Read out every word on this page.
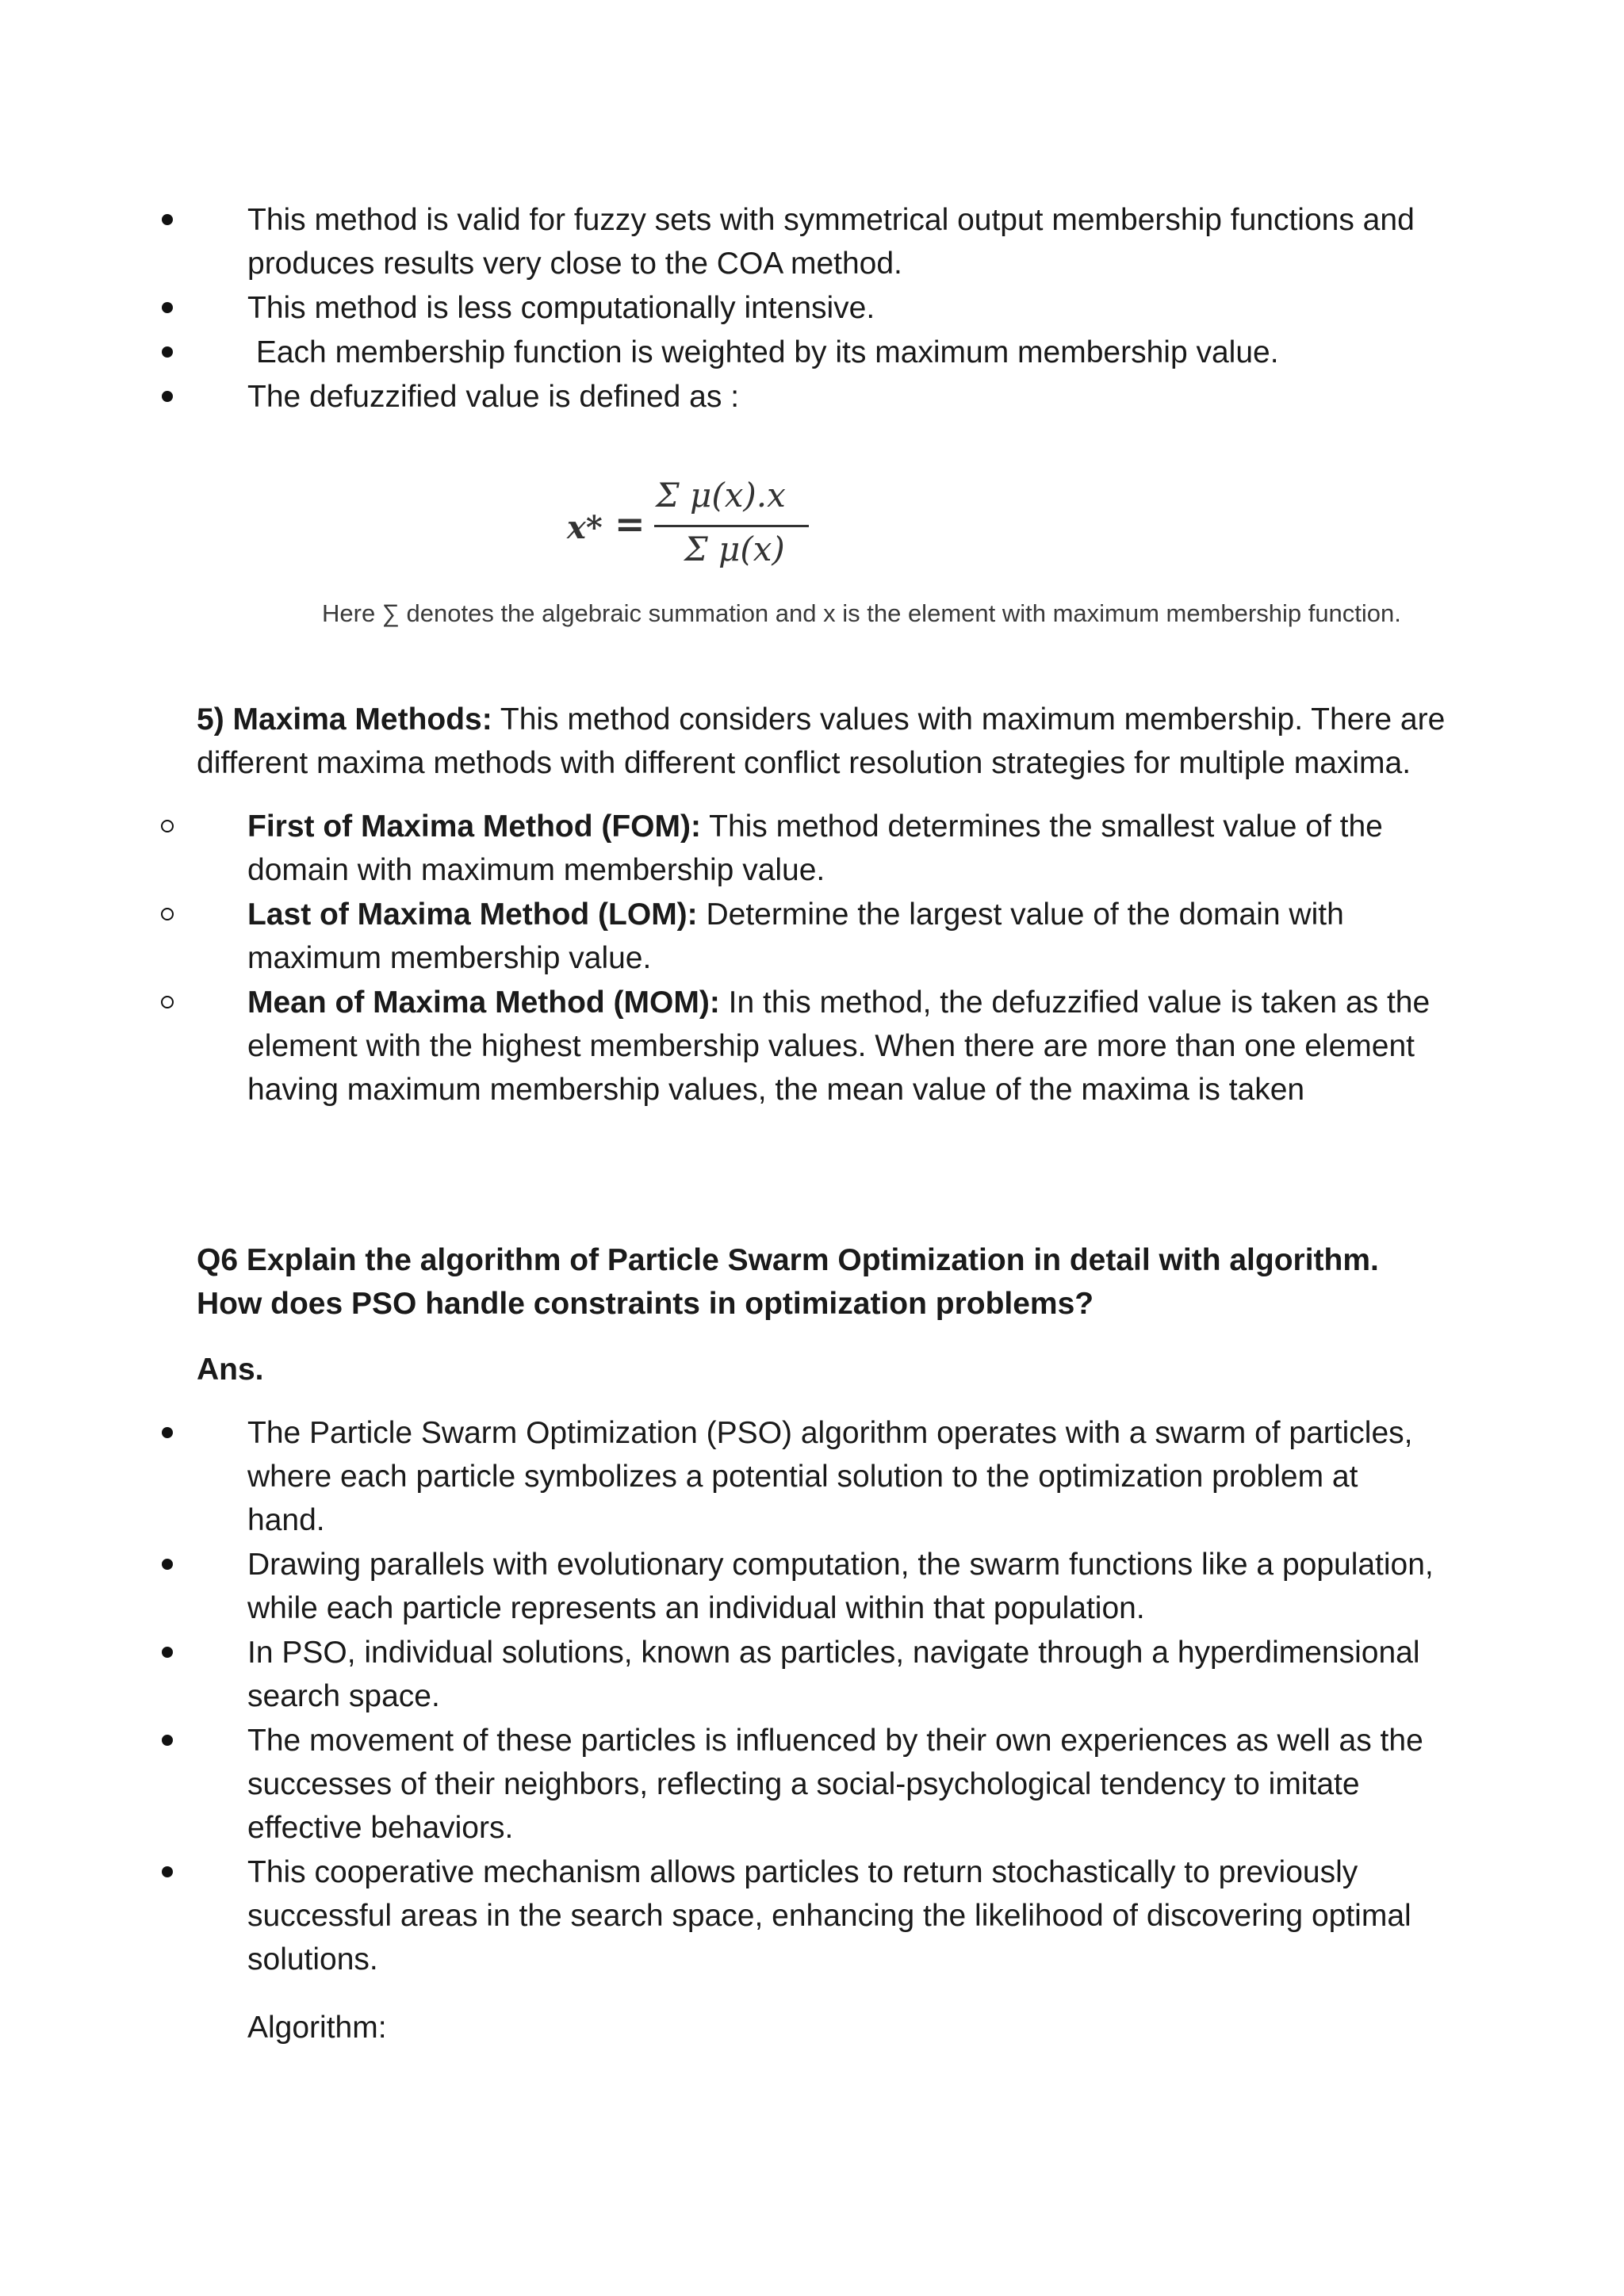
This method is valid for fuzzy sets with symmetrical output membership functions and produces results very close to the COA method.
This method is less computationally intensive.
Each membership function is weighted by its maximum membership value.
The defuzzified value is defined as :
x* =
Σ μ(x).x
Σ μ(x)
Here ∑ denotes the algebraic summation and x is the element with maximum membership function.

5) Maxima Methods: This method considers values with maximum membership. There are different maxima methods with different conflict resolution strategies for multiple maxima.

First of Maxima Method (FOM): This method determines the smallest value of the domain with maximum membership value.
Last of Maxima Method (LOM): Determine the largest value of the domain with maximum membership value.
Mean of Maxima Method (MOM): In this method, the defuzzified value is taken as the element with the highest membership values. When there are more than one element having maximum membership values, the mean value of the maxima is taken

Q6 Explain the algorithm of Particle Swarm Optimization in detail with algorithm. How does PSO handle constraints in optimization problems?

Ans.

The Particle Swarm Optimization (PSO) algorithm operates with a swarm of particles, where each particle symbolizes a potential solution to the optimization problem at hand.
Drawing parallels with evolutionary computation, the swarm functions like a population, while each particle represents an individual within that population.
In PSO, individual solutions, known as particles, navigate through a hyperdimensional search space.
The movement of these particles is influenced by their own experiences as well as the successes of their neighbors, reflecting a social-psychological tendency to imitate effective behaviors.
This cooperative mechanism allows particles to return stochastically to previously successful areas in the search space, enhancing the likelihood of discovering optimal solutions.
Algorithm:
